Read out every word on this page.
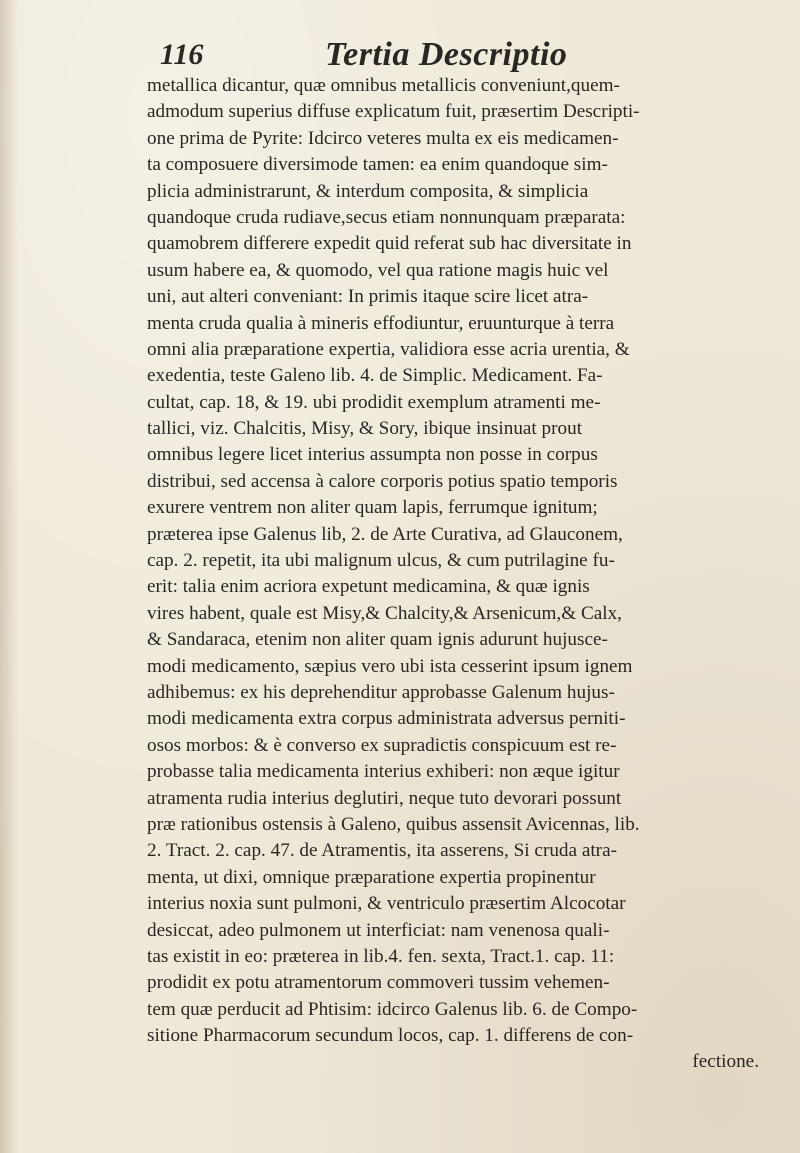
116	Tertia Descriptio
metallica dicantur, quæ omnibus metallicis conveniunt,quem-
admodum superius diffuse explicatum fuit, præsertim Descripti-
one prima de Pyrite: Idcirco veteres multa ex eis medicamen-
ta composuere diversimode tamen: ea enim quandoque sim-
plicia administrarunt, & interdum composita, & simplicia
quandoque cruda rudiave,secus etiam nonnunquam præparata:
quamobrem differere expedit quid referat sub hac diversitate in
usum habere ea, & quomodo, vel qua ratione magis huic vel
uni, aut alteri conveniant: In primis itaque scire licet atra-
menta cruda qualia à mineris effodiuntur, eruunturque à terra
omni alia præparatione expertia, validiora esse acria urentia, &
exedentia, teste Galeno lib. 4. de Simplic. Medicament. Fa-
cultat, cap. 18, & 19. ubi prodidit exemplum atramenti me-
tallici, viz. Chalcitis, Misy, & Sory, ibique insinuat prout
omnibus legere licet interius assumpta non posse in corpus
distribui, sed accensa à calore corporis potius spatio temporis
exurere ventrem non aliter quam lapis, ferrumque ignitum;
præterea ipse Galenus lib, 2. de Arte Curativa, ad Glauconem,
cap. 2. repetit, ita ubi malignum ulcus, & cum putrilagine fu-
erit: talia enim acriora expetunt medicamina, & quæ ignis
vires habent, quale est Misy,& Chalcity,& Arsenicum,& Calx,
& Sandaraca, etenim non aliter quam ignis adurunt hujusce-
modi medicamento, sæpius vero ubi ista cesserint ipsum ignem
adhibemus: ex his deprehenditur approbasse Galenum hujus-
modi medicamenta extra corpus administrata adversus perniti-
osos morbos: & è converso ex supradictis conspicuum est re-
probasse talia medicamenta interius exhiberi: non æque igitur
atramenta rudia interius deglutiri, neque tuto devorari possunt
præ rationibus ostensis à Galeno, quibus assensit Avicennas, lib.
2. Tract. 2. cap. 47. de Atramentis, ita asserens, Si cruda atra-
menta, ut dixi, omnique præparatione expertia propinentur
interius noxia sunt pulmoni, & ventriculo præsertim Alcocotar
desiccat, adeo pulmonem ut interficiat: nam venenosa quali-
tas existit in eo: præterea in lib.4. fen. sexta, Tract.1. cap. 11:
prodidit ex potu atramentorum commoveri tussim vehemen-
tem quæ perducit ad Phtisim: idcirco Galenus lib. 6. de Compo-
sitione Pharmacorum secundum locos, cap. 1. differens de con-
fectione.
